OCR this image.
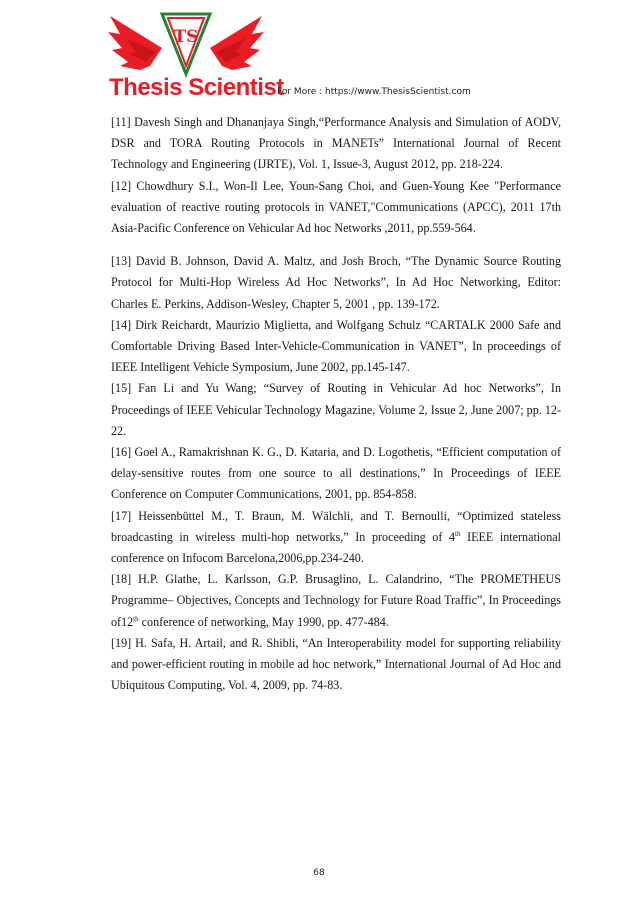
TS
Thesis Scientist
For More : https://www.ThesisScientist.com

[11] Davesh Singh and Dhananjaya Singh,“Performance Analysis and Simulation of AODV, DSR and TORA Routing Protocols in MANETs” International Journal of Recent Technology and Engineering (IJRTE), Vol. 1, Issue-3, August 2012, pp. 218-224.

[12] Chowdhury S.I., Won-Il Lee, Youn-Sang Choi, and Guen-Young Kee "Performance evaluation of reactive routing protocols in VANET,"Communications (APCC), 2011 17th Asia-Pacific Conference on Vehicular Ad hoc Networks ,2011, pp.559-564.

[13] David B. Johnson, David A. Maltz, and Josh Broch, “The Dynamic Source Routing Protocol for Multi-Hop Wireless Ad Hoc Networks”, In Ad Hoc Networking, Editor: Charles E. Perkins, Addison-Wesley, Chapter 5, 2001 , pp. 139-172.

[14] Dirk Reichardt, Maurizio Miglietta, and Wolfgang Schulz “CARTALK 2000 Safe and Comfortable Driving Based Inter-Vehicle-Communication in VANET”, In proceedings of IEEE Intelligent Vehicle Symposium, June 2002, pp.145-147.

[15] Fan Li and Yu Wang; “Survey of Routing in Vehicular Ad hoc Networks”, In Proceedings of IEEE Vehicular Technology Magazine, Volume 2, Issue 2, June 2007; pp. 12-22.

[16] Goel A., Ramakrishnan K. G., D. Kataria, and D. Logothetis, “Efficient computation of delay-sensitive routes from one source to all destinations,” In Proceedings of IEEE Conference on Computer Communications, 2001, pp. 854-858.

[17] Heissenbüttel M., T. Braun, M. Wälchli, and T. Bernoulli, “Optimized stateless broadcasting in wireless multi-hop networks,” In proceeding of 4th IEEE international conference on Infocom Barcelona,2006,pp.234-240.

[18] H.P. Glathe, L. Karlsson, G.P. Brusaglino, L. Calandrino, “The PROMETHEUS Programme– Objectives, Concepts and Technology for Future Road Traffic”, In Proceedings of12th conference of networking, May 1990, pp. 477-484.

[19] H. Safa, H. Artail, and R. Shibli, “An Interoperability model for supporting reliability and power-efficient routing in mobile ad hoc network,” International Journal of Ad Hoc and Ubiquitous Computing, Vol. 4, 2009, pp. 74-83.

68
